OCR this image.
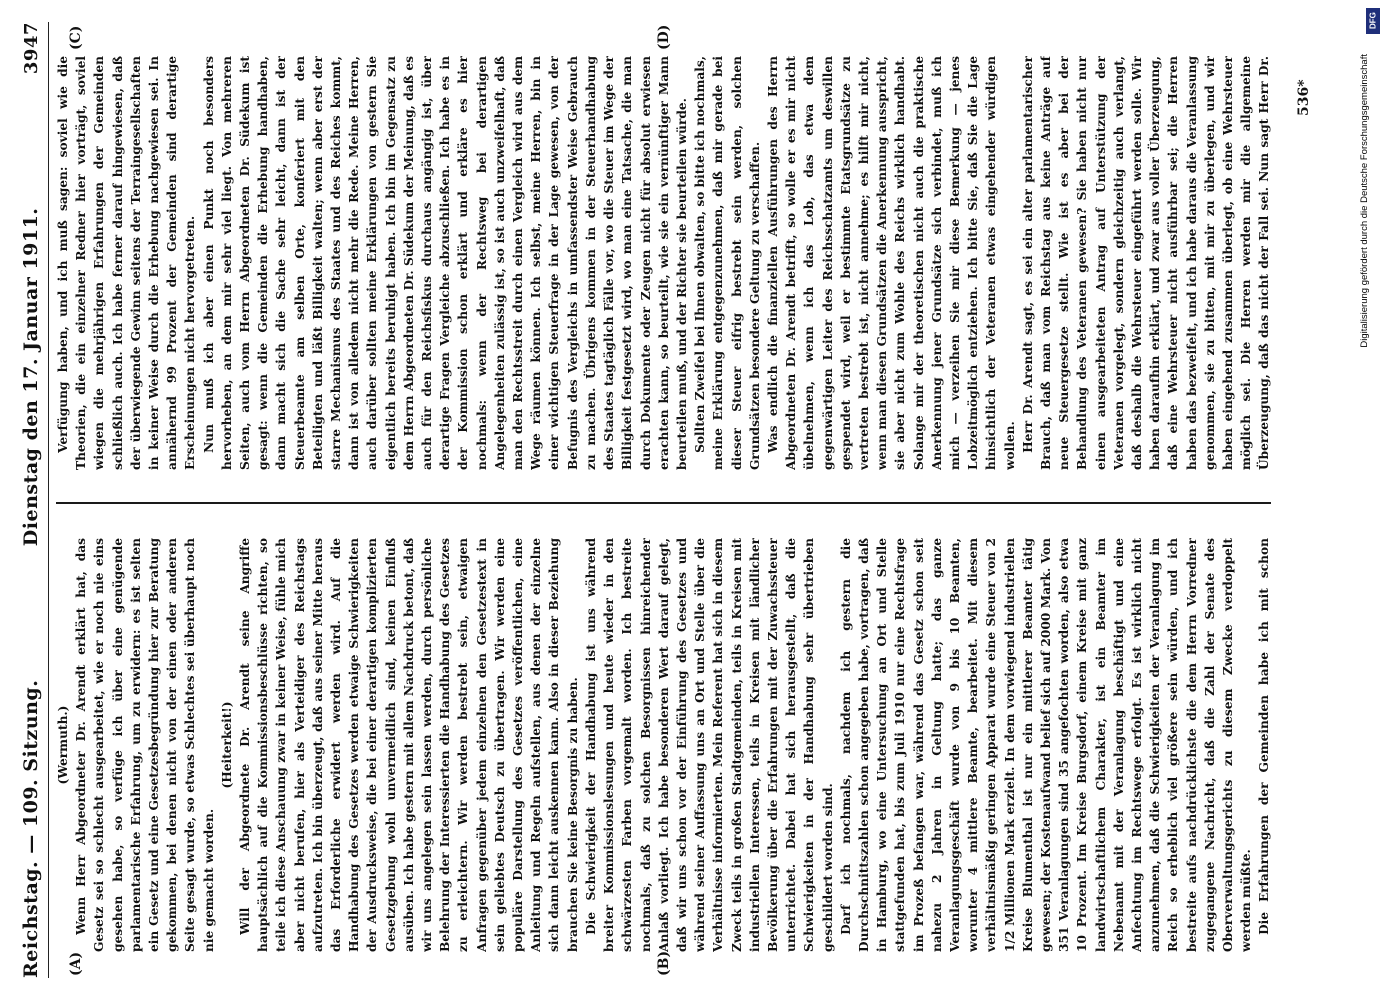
Reichstag. — 109. Sitzung.
Dienstag den 17. Januar 1911.
3947

(Wermuth.) Wenn Herr Abgeordneter Dr. Arendt erklärt hat, das Gesetz sei so schlecht ausgearbeitet, wie er noch nie eins gesehen habe, so verfüge ich über eine genügende parlamentarische Erfahrung, um zu erwidern: es ist selten ein Gesetz und eine Gesetzesbegründung hier zur Beratung gekommen, bei denen nicht von der einen oder anderen Seite gesagt wurde, so etwas Schlechtes sei überhaupt noch nie gemacht worden.

(Heiterkeit!) Will der Abgeordnete Dr. Arendt seine Angriffe hauptsächlich auf die Kommissionsbeschlüsse richten, so teile ich diese Anschauung zwar in keiner Weise, fühle mich aber nicht berufen, hier als Verteidiger des Reichstags aufzutreten. Ich bin überzeugt, daß aus seiner Mitte heraus das Erforderliche erwidert werden wird. Auf die Handhabung des Gesetzes werden etwaige Schwierigkeiten der Ausdrucksweise, die bei einer derartigen komplizierten Gesetzgebung wohl unvermeidlich sind, keinen Einfluß ausüben. Ich habe gestern mit allem Nachdruck betont, daß wir uns angelegen sein lassen werden, durch persönliche Belehrung der Interessierten die Handhabung des Gesetzes zu erleichtern. Wir werden bestrebt sein, etwaigen Anfragen gegenüber jedem einzelnen den Gesetzestext in sein geliebtes Deutsch zu übertragen. Wir werden eine populäre Darstellung des Gesetzes veröffentlichen, eine Anleitung und Regeln aufstellen, aus denen der einzelne sich dann leicht auskennen kann. Also in dieser Beziehung brauchen Sie keine Besorgnis zu haben. Die Schwierigkeit der Handhabung ist uns während breiter Kommissionslesungen und heute wieder in den schwärzesten Farben vorgemalt worden. Ich bestreite nochmals, daß zu solchen Besorgnissen hinreichender Anlaß vorliegt. Ich habe besonderen Wert darauf gelegt, daß wir uns schon vor der Einführung des Gesetzes und während seiner Auffassung uns an Ort und Stelle über die Verhältnisse informierten. Mein Referent hat sich in diesem Zweck teils in großen Stadtgemeinden, teils in Kreisen mit industriellen Interessen, teils in Kreisen mit ländlicher Bevölkerung über die Erfahrungen mit der Zuwachssteuer unterrichtet. Dabei hat sich herausgestellt, daß die Schwierigkeiten in der Handhabung sehr übertrieben geschildert worden sind. Darf ich nochmals, nachdem ich gestern die Durchschnittszahlen schon angegeben habe, vortragen, daß in Hamburg, wo eine Untersuchung an Ort und Stelle stattgefunden hat, bis zum Juli 1910 nur eine Rechtsfrage im Prozeß befangen war, während das Gesetz schon seit nahezu 2 Jahren in Geltung hatte; das ganze Veranlagungsgeschäft wurde von 9 bis 10 Beamten, worunter 4 mittlere Beamte, bearbeitet. Mit diesem verhältnismäßig geringen Apparat wurde eine Steuer von 2 1/2 Millionen Mark erzielt. In dem vorwiegend industriellen Kreise Blumenthal ist nur ein mittlerer Beamter tätig gewesen; der Kostenaufwand belief sich auf 2000 Mark. Von 351 Veranlagungen sind 35 angefochten worden, also etwa 10 Prozent. Im Kreise Burgsdorf, einem Kreise mit ganz landwirtschaftlichem Charakter, ist ein Beamter im Nebenamt mit der Veranlagung beschäftigt und eine Anfechtung im Rechtswege erfolgt. Es ist wirklich nicht anzunehmen, daß die Schwierigkeiten der Veranlagung im Reich so erheblich viel größere sein würden, und ich bestreite aufs nachdrücklichste die dem Herrn Vorredner zugegangene Nachricht, daß die Zahl der Senate des Oberverwaltungsgerichts zu diesem Zwecke verdoppelt werden müßte. Die Erfahrungen der Gemeinden habe ich mit schon

Verfügung haben, und ich muß sagen: soviel wie die Theorien, die ein einzelner Redner hier vorträgt, soviel wiegen die mehrjährigen Erfahrungen der Gemeinden schließlich auch. Ich habe ferner darauf hingewiesen, daß der überwiegende Gewinn seitens der Terraingesellschaften in keiner Weise durch die Erhebung nachgewiesen sei. In annähernd 99 Prozent der Gemeinden sind derartige Erscheinungen nicht hervorgetreten. Nun muß ich aber einen Punkt noch besonders hervorheben, an dem mir sehr viel liegt. Von mehreren Seiten, auch vom Herrn Abgeordneten Dr. Südekum ist gesagt: wenn die Gemeinden die Erhebung handhaben, dann macht sich die Sache sehr leicht, dann ist der Steuerbeamte am selben Orte, konferiert mit den Beteiligten und läßt Billigkeit walten; wenn aber erst der starre Mechanismus des Staates und des Reiches kommt, dann ist von alledem nicht mehr die Rede. Meine Herren, auch darüber sollten meine Erklärungen von gestern Sie eigentlich bereits beruhigt haben. Ich bin im Gegensatz zu dem Herrn Abgeordneten Dr. Südekum der Meinung, daß es auch für den Reichsfiskus durchaus angängig ist, über derartige Fragen Vergleiche abzuschließen. Ich habe es in der Kommission schon erklärt und erkläre es hier nochmals: wenn der Rechtsweg bei derartigen Angelegenheiten zulässig ist, so ist auch unzweifelhaft, daß man den Rechtsstreit durch einen Vergleich wird aus dem Wege räumen können. Ich selbst, meine Herren, bin in einer wichtigen Steuerfrage in der Lage gewesen, von der Befugnis des Vergleichs in umfassendster Weise Gebrauch zu machen. Übrigens kommen in der Steuerhandhabung des Staates tagtäglich Fälle vor, wo die Steuer im Wege der Billigkeit festgesetzt wird, wo man eine Tatsache, die man durch Dokumente oder Zeugen nicht für absolut erwiesen erachten kann, so beurteilt, wie sie ein vernünftiger Mann beurteilen muß, und der Richter sie beurteilen würde. Sollten Zweifel bei Ihnen obwalten, so bitte ich nochmals, meine Erklärung entgegenzunehmen, daß mir gerade bei dieser Steuer eifrig bestrebt sein werden, solchen Grundsätzen besondere Geltung zu verschaffen. Was endlich die finanziellen Ausführungen des Herrn Abgeordneten Dr. Arendt betrifft, so wolle er es mir nicht übelnehmen, wenn ich das Lob, das etwa dem gegenwärtigen Leiter des Reichsschatzamts um deswillen gespendet wird, weil er bestimmte Etatsgrundsätze zu vertreten bestrebt ist, nicht annehme; es hilft mir nicht, wenn man diesen Grundsätzen die Anerkennung ausspricht, sie aber nicht zum Wohle des Reichs wirklich handhabt. Solange mir der theoretischen nicht auch die praktische Anerkennung jener Grundsätze sich verbindet, muß ich mich — verzeihen Sie mir diese Bemerkung — jenes Lobzeitmöglich entziehen. Ich bitte Sie, daß Sie die Lage hinsichtlich der Veteranen etwas eingehender würdigen wollen. Herr Dr. Arendt sagt, es sei ein alter parlamentarischer Brauch, daß man vom Reichstag aus keine Anträge auf neue Steuergesetze stellt. Wie ist es aber bei der Behandlung des Veteranen gewesen? Sie haben nicht nur einen ausgearbeiteten Antrag auf Unterstützung der Veteranen vorgelegt, sondern gleichzeitig auch verlangt, daß deshalb die Wehrsteuer eingeführt werden solle. Wir haben daraufhin erklärt, und zwar aus voller Überzeugung, daß eine Wehrsteuer nicht ausführbar sei; die Herren haben das bezweifelt, und ich habe daraus die Veranlassung genommen, sie zu bitten, mit mir zu überlegen, und wir haben eingehend zusammen überlegt, ob eine Wehrsteuer möglich sei. Die Herren werden mir die allgemeine Überzeugung, daß das nicht der Fall sei. Nun sagt Herr Dr.

(A)	(B)
(C)	(D)
536*
DFG
Digitalisierung gefördert durch die Deutsche Forschungsgemeinschaft
